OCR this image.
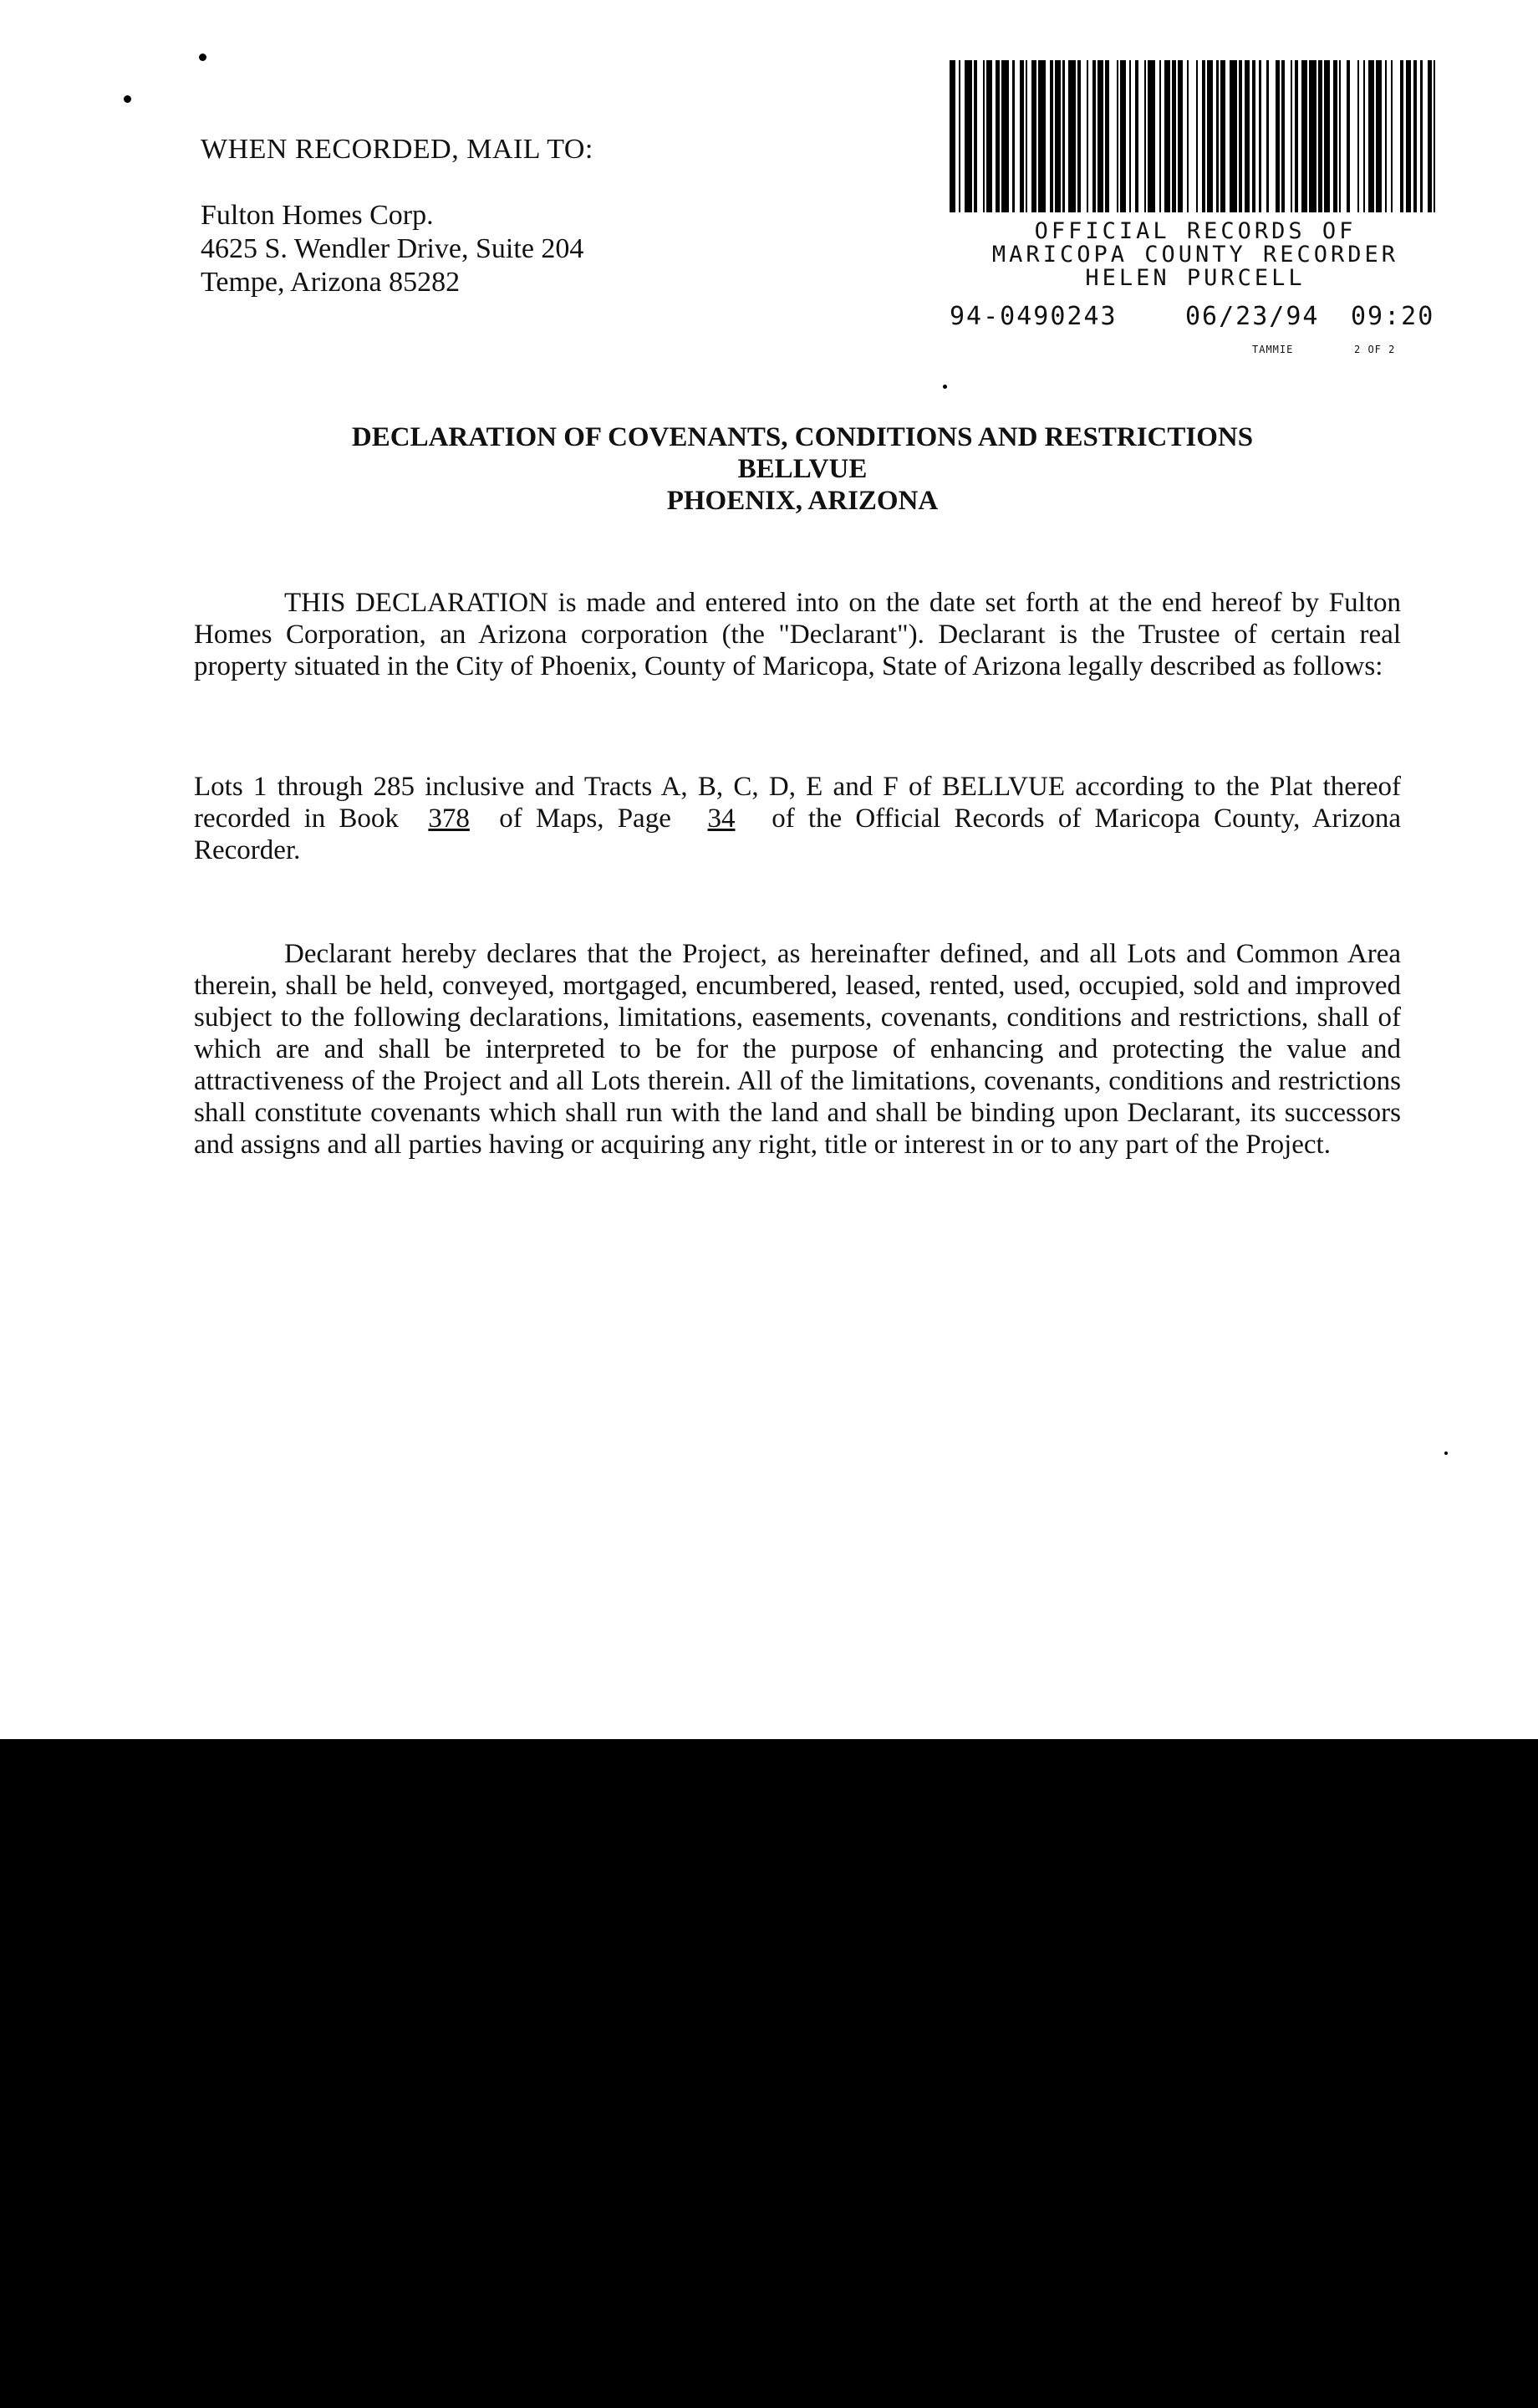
WHEN RECORDED, MAIL TO:
Fulton Homes Corp.
4625 S. Wendler Drive, Suite 204
Tempe, Arizona 85282
OFFICIAL RECORDS OF
MARICOPA COUNTY RECORDER
HELEN PURCELL
94-0490243	06/23/94 09:20
TAMMIE	2 OF 2
DECLARATION OF COVENANTS, CONDITIONS AND RESTRICTIONS
BELLVUE
PHOENIX, ARIZONA
THIS DECLARATION is made and entered into on the date set forth at the end hereof by Fulton Homes Corporation, an Arizona corporation (the "Declarant"). Declarant is the Trustee of certain real property situated in the City of Phoenix, County of Maricopa, State of Arizona legally described as follows:
Lots 1 through 285 inclusive and Tracts A, B, C, D, E and F of BELLVUE according to the Plat thereof recorded in Book 378 of Maps, Page 34 of the Official Records of Maricopa County, Arizona Recorder.
Declarant hereby declares that the Project, as hereinafter defined, and all Lots and Common Area therein, shall be held, conveyed, mortgaged, encumbered, leased, rented, used, occupied, sold and improved subject to the following declarations, limitations, easements, covenants, conditions and restrictions, shall of which are and shall be interpreted to be for the purpose of enhancing and protecting the value and attractiveness of the Project and all Lots therein. All of the limitations, covenants, conditions and restrictions shall constitute covenants which shall run with the land and shall be binding upon Declarant, its successors and assigns and all parties having or acquiring any right, title or interest in or to any part of the Project.
